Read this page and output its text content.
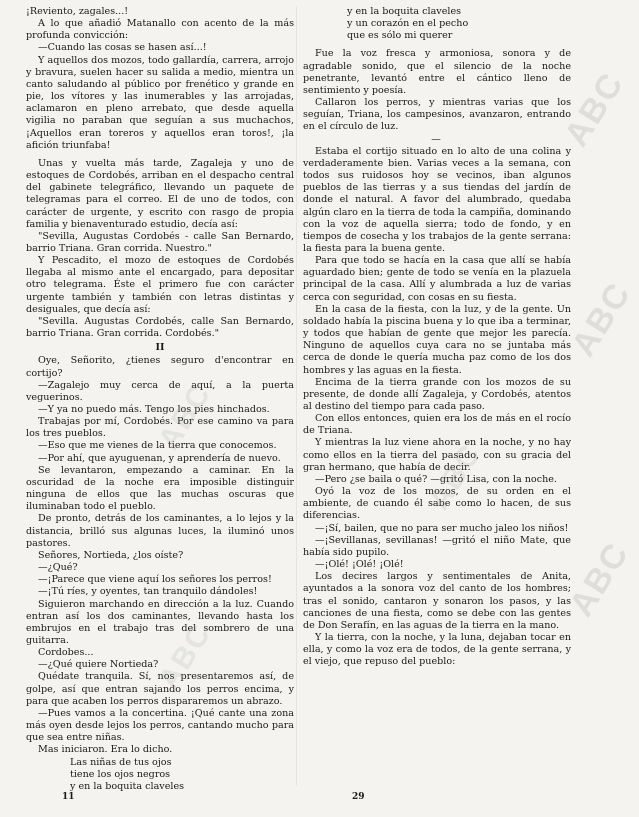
¡Reviento, zagales...!

A lo que añadió Matanallo con acento de la más profunda convicción:

—Cuando las cosas se hasen así...!

Y aquellos dos mozos, todo gallardía, carrera, arrojo y bravura, suelen hacer su salida a medio, mientra un canto saludando al público por frenético y grande en pie, los vítores y las inumerables y las arrojadas, aclamaron en pleno arrebato, que desde aquella vigilia no paraban que seguían a sus muchachos, ¡Aquellos eran toreros y aquellos eran toros!, ¡la afición triunfaba!

Unas y vuelta más tarde, Zagaleja y uno de estoques de Cordobés, arriban en el despacho central del gabinete telegráfico, llevando un paquete de telegramas para el correo. El de uno de todos, con carácter de urgente, y escrito con rasgo de propia familia y bienaventurado estudio, decía así:

"Sevilla, Augustas Cordobés - calle San Bernardo, barrio Triana. Gran corrida. Nuestro."

Y Pescadito, el mozo de estoques de Cordobés llegaba al mismo ante el encargado, para depositar otro telegrama. Éste el primero fue con carácter urgente también y también con letras distintas y desiguales, que decía así:

"Sevilla. Augustas Cordobés, calle San Bernardo, barrio Triana. Gran corrida. Cordobés."

II

Oye, Señorito, ¿tienes seguro d'encontrar en cortijo?

—Zagalejo muy cerca de aquí, a la puerta veguerinos.

—Y ya no puedo más. Tengo los pies hinchados.

Trabajas por mí, Cordobés. Por ese camino va para los tres pueblos.

—Eso que me vienes de la tierra que conocemos.

—Por ahí, que ayuguenan, y aprendería de nuevo.

Se levantaron, empezando a caminar. En la oscuridad de la noche era imposible distinguir ninguna de ellos que las muchas oscuras que iluminaban todo el pueblo.

De pronto, detrás de los caminantes, a lo lejos y la distancia, brilló sus algunas luces, la iluminó unos pastores.

Señores, Nortieda, ¿los oíste?

—¿Qué?

—¡Parece que viene aquí los señores los perros!

—¡Tú ríes, y oyentes, tan tranquilo dándoles!

Siguieron marchando en dirección a la luz. Cuando entran así los dos caminantes, llevando hasta los embrujos en el trabajo tras del sombrero de una guitarra.

Cordobes...

—¿Qué quiere Nortieda?

Quédate tranquila. Sí, nos presentaremos así, de golpe, así que entran sajando los perros encima, y para que acaben los perros dispararemos un abrazo.

—Pues vamos a la concertina. ¡Qué cante una zona más oyen desde lejos los perros, cantando mucho para que sea entre niñas.

Mas iniciaron. Era lo dicho.

Las niñas de tus ojos

tiene los ojos negros

y en la boquita claveles

y en la boquita claveles

y un corazón en el pecho

que es sólo mi querer

Fue la voz fresca y armoniosa, sonora y de agradable sonido, que el silencio de la noche penetrante, levantó entre el cántico lleno de sentimiento y poesía.

Callaron los perros, y mientras varias que los seguían, Triana, los campesinos, avanzaron, entrando en el círculo de luz.

—

Estaba el cortijo situado en lo alto de una colina y verdaderamente bien. Varias veces a la semana, con todos sus ruidosos hoy se vecinos, iban algunos pueblos de las tierras y a sus tiendas del jardín de donde el natural. A favor del alumbrado, quedaba algún claro en la tierra de toda la campiña, dominando con la voz de aquella sierra; todo de fondo, y en tiempos de cosecha y los trabajos de la gente serrana: la fiesta para la buena gente.

Para que todo se hacía en la casa que allí se había aguardado bien; gente de todo se venía en la plazuela principal de la casa. Allí y alumbrada a luz de varias cerca con seguridad, con cosas en su fiesta.

En la casa de la fiesta, con la luz, y de la gente. Un soldado había la piscina buena y lo que iba a terminar, y todos que habían de gente que mejor les parecía. Ninguno de aquellos cuya cara no se juntaba más cerca de donde le quería mucha paz como de los dos hombres y las aguas en la fiesta.

Encima de la tierra grande con los mozos de su presente, de donde allí Zagaleja, y Cordobés, atentos al destino del tiempo para cada paso.

Con ellos entonces, quien era los de más en el rocío de Triana.

Y mientras la luz viene ahora en la noche, y no hay como ellos en la tierra del pasado, con su gracia del gran hermano, que había de decir.

—Pero ¿se baila o qué? —gritó Lisa, con la noche.

Oyó la voz de los mozos, de su orden en el ambiente, de cuando él sabe como lo hacen, de sus diferencias.

—¡Sí, bailen, que no para ser mucho jaleo los niños!

—¡Sevillanas, sevillanas! —gritó el niño Mate, que había sido pupilo.

—¡Olé! ¡Olé! ¡Olé!

Los decires largos y sentimentales de Anita, ayuntados a la sonora voz del canto de los hombres; tras el sonido, cantaron y sonaron los pasos, y las canciones de una fiesta, como se debe con las gentes de Don Serafín, en las aguas de la tierra en la mano.

Y la tierra, con la noche, y la luna, dejaban tocar en ella, y como la voz era de todos, de la gente serrana, y el viejo, que repuso del pueblo:

11	29
ABC
ABC
ABC
ABC
ABC
ABC
